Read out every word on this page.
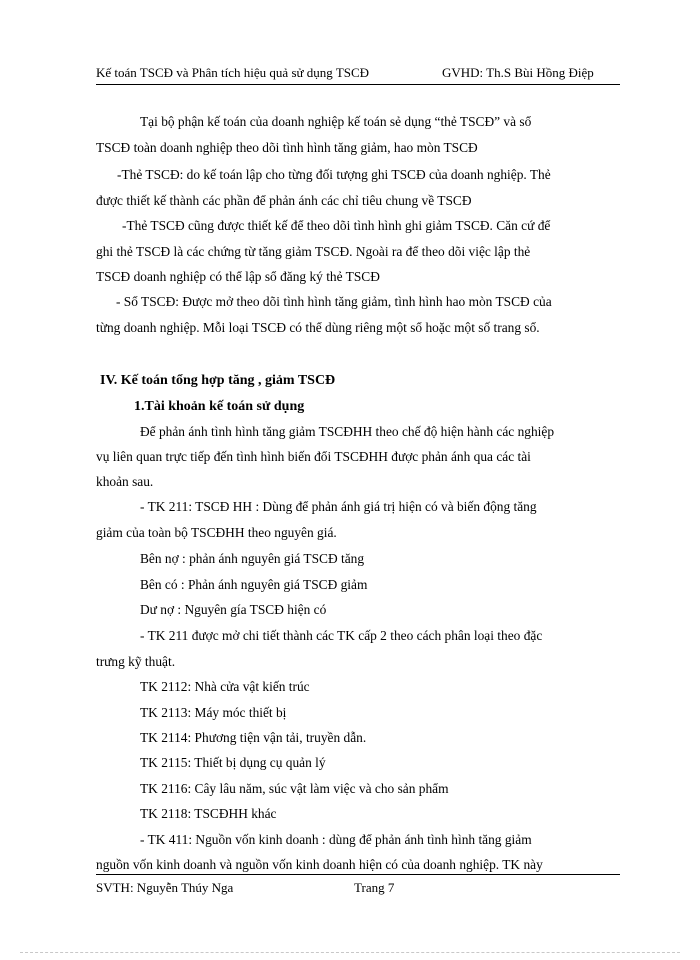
Kế toán TSCĐ và Phân tích hiệu quả sử dụng TSCĐ	GVHD: Th.S Bùi Hồng Điệp
Tại bộ phận kế toán của doanh nghiệp kế toán sẻ dụng “thẻ TSCĐ” và sổ
TSCĐ toàn doanh nghiệp theo dõi tình hình tăng giảm, hao mòn TSCĐ
-Thẻ TSCĐ: do kế toán lập cho từng đối tượng ghi TSCĐ của doanh nghiệp. Thẻ
được thiết kế thành các phần để phản ánh các chỉ tiêu chung về TSCĐ
-Thẻ TSCĐ cũng được thiết kế để theo dõi tình hình ghi giảm TSCĐ. Căn cứ để
ghi thẻ TSCĐ là các chứng từ tăng giảm TSCĐ. Ngoài ra để theo dõi việc lập thẻ
TSCĐ doanh nghiệp có thể lập sổ đăng ký thẻ TSCĐ
- Sổ TSCĐ: Được mở theo dõi tình hình tăng giảm, tình hình hao mòn TSCĐ của
từng doanh nghiệp. Mỗi loại TSCĐ có thể dùng riêng một sổ hoặc một số trang sổ.
IV. Kế toán tổng hợp tăng , giảm TSCĐ
1.Tài khoản kế toán sử dụng
Để phản ánh tình hình tăng giảm TSCĐHH theo chế độ hiện hành các nghiệp
vụ liên quan trực tiếp đến tình hình biến đổi TSCĐHH được phản ánh qua các tài
khoản sau.
- TK 211: TSCĐ HH : Dùng để phản ánh giá trị hiện có và biến động tăng
giảm của toàn bộ TSCĐHH theo nguyên giá.
Bên nợ : phản ánh nguyên giá TSCĐ tăng
Bên có : Phản ánh nguyên giá TSCĐ giảm
Dư nợ : Nguyên gía TSCĐ hiện có
- TK 211 được mở chi tiết thành các TK cấp 2 theo cách phân loại theo đặc
trưng kỹ thuật.
TK 2112: Nhà cửa vật kiến trúc
TK 2113: Máy móc thiết bị
TK 2114: Phương tiện vận tải, truyền dẫn.
TK 2115: Thiết bị dụng cụ quản lý
TK 2116: Cây lâu năm, súc vật làm việc và cho sản phẩm
TK 2118: TSCĐHH khác
- TK 411: Nguồn vốn kinh doanh : dùng để phản ánh tình hình tăng giảm
nguồn vốn kinh doanh và nguồn vốn kinh doanh hiện có của doanh nghiệp. TK này
SVTH: Nguyễn Thúy Nga	Trang 7
